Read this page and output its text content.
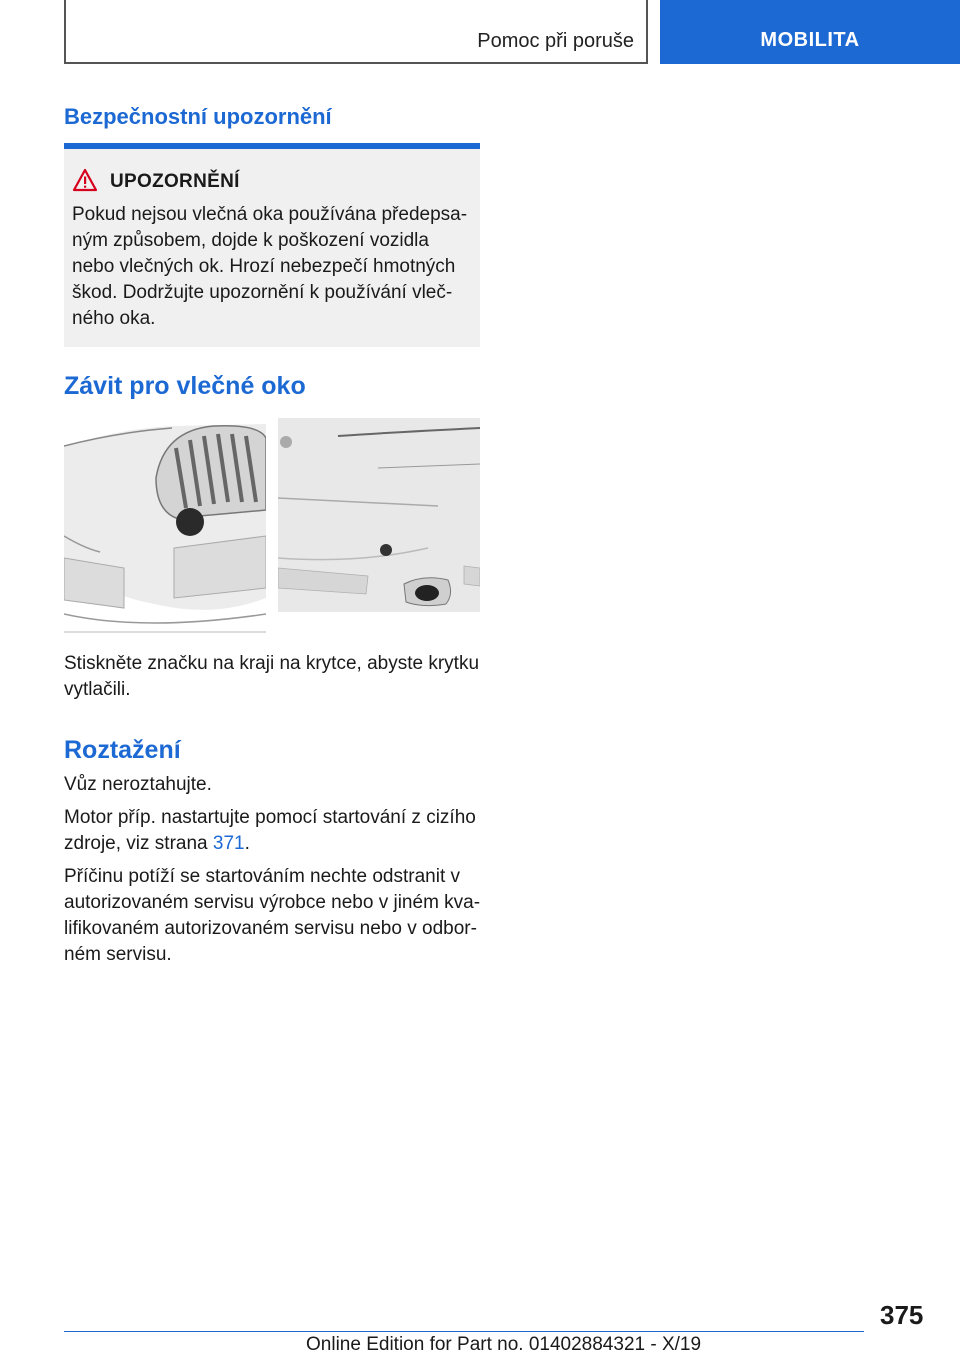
Pomoc při poruše	MOBILITA
Bezpečnostní upozornění
UPOZORNĚNÍ
Pokud nejsou vlečná oka používána předepsa-
ným způsobem, dojde k poškození vozidla
nebo vlečných ok. Hrozí nebezpečí hmotných
škod. Dodržujte upozornění k používání vleč-
ného oka.
Závit pro vlečné oko
Stiskněte značku na kraji na krytce, abyste krytku
vytlačili.
Roztažení
Vůz neroztahujte.
Motor příp. nastartujte pomocí startování z cizího
zdroje, viz strana 371.
Příčinu potíží se startováním nechte odstranit v
autorizovaném servisu výrobce nebo v jiném kva-
lifikovaném autorizovaném servisu nebo v odbor-
ném servisu.
375
Online Edition for Part no. 01402884321 - X/19
